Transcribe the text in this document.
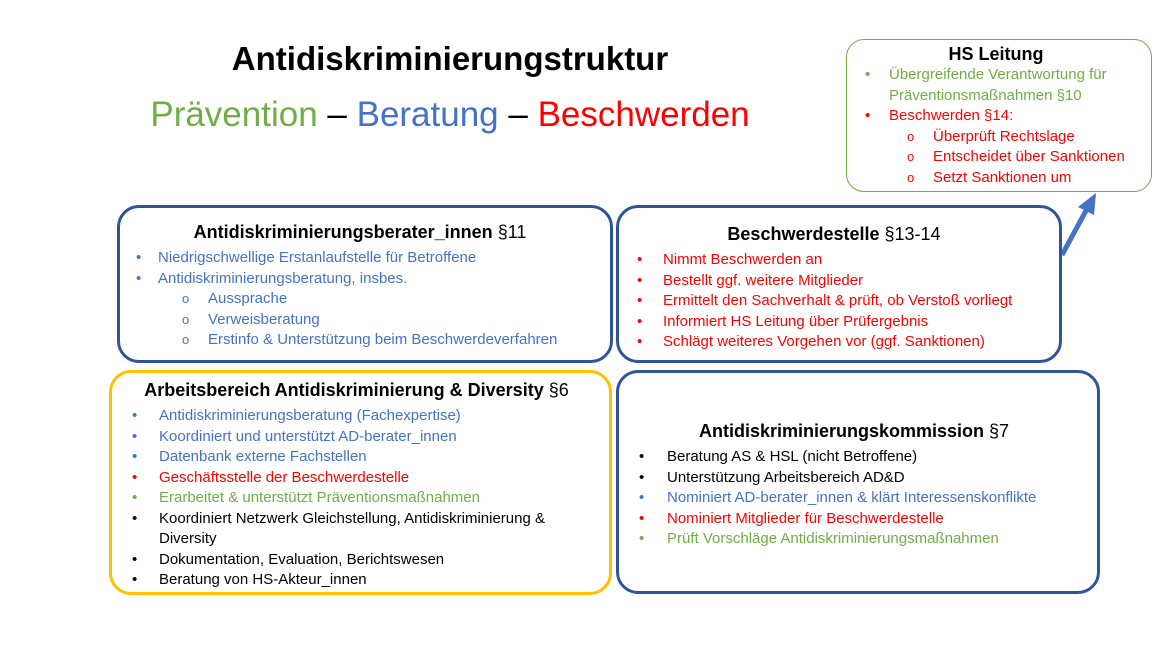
Antidiskriminierungstruktur
Prävention – Beratung – Beschwerden
HS Leitung
• Übergreifende Verantwortung für Präventionsmaßnahmen §10
• Beschwerden §14:
o Überprüft Rechtslage
o Entscheidet über Sanktionen
o Setzt Sanktionen um
Antidiskriminierungsberater_innen §11
• Niedrigschwellige Erstanlaufstelle für Betroffene
• Antidiskriminierungsberatung, insbes.
o Aussprache
o Verweisberatung
o Erstinfo & Unterstützung beim Beschwerdeverfahren
Beschwerdestelle §13-14
• Nimmt Beschwerden an
• Bestellt ggf. weitere Mitglieder
• Ermittelt den Sachverhalt & prüft, ob Verstoß vorliegt
• Informiert HS Leitung über Prüfergebnis
• Schlägt weiteres Vorgehen vor (ggf. Sanktionen)
Arbeitsbereich Antidiskriminierung & Diversity §6
• Antidiskriminierungsberatung (Fachexpertise)
• Koordiniert und unterstützt AD-berater_innen
• Datenbank externe Fachstellen
• Geschäftsstelle der Beschwerdestelle
• Erarbeitet & unterstützt Präventionsmaßnahmen
• Koordiniert Netzwerk Gleichstellung, Antidiskriminierung & Diversity
• Dokumentation, Evaluation, Berichtswesen
• Beratung von HS-Akteur_innen
Antidiskriminierungskommission §7
• Beratung AS & HSL (nicht Betroffene)
• Unterstützung Arbeitsbereich AD&D
• Nominiert AD-berater_innen & klärt Interessenskonflikte
• Nominiert Mitglieder für Beschwerdestelle
• Prüft Vorschläge Antidiskriminierungsmaßnahmen
